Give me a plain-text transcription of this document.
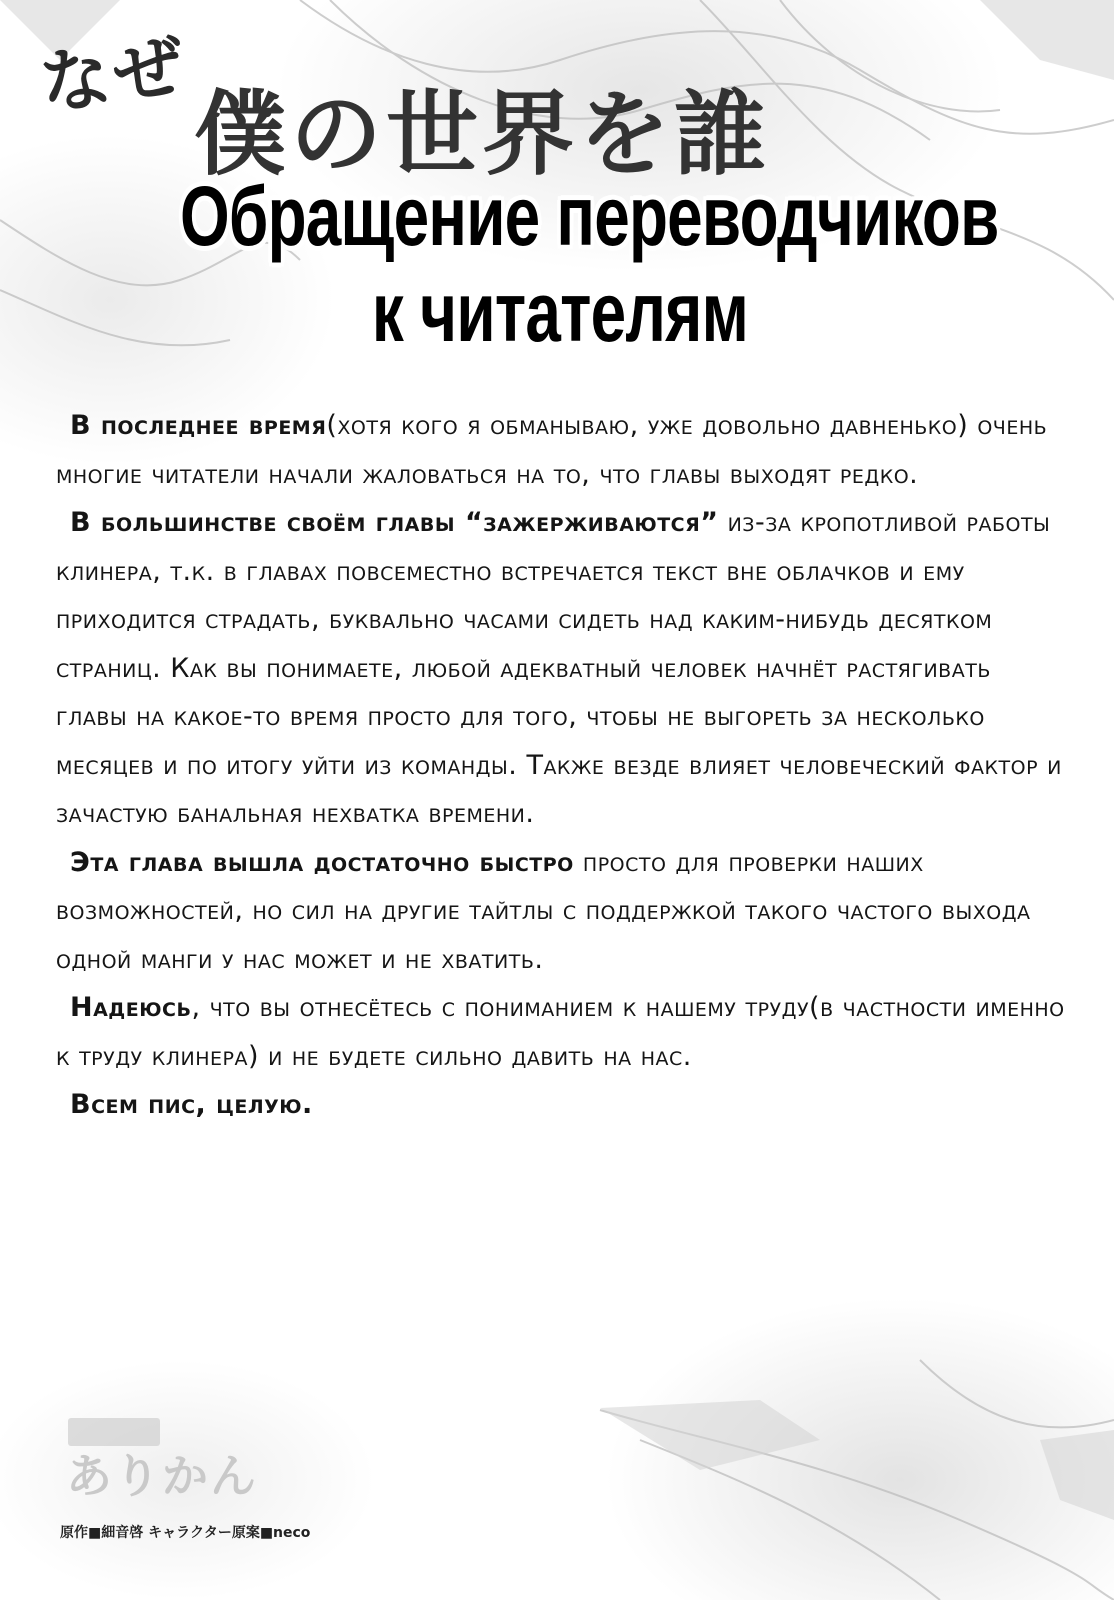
なぜ僕の世界を誰
Обращение переводчиков
к читателям

В последнее время(хотя кого я обманываю, уже довольно давненько) очень многие читатели начали жаловаться на то, что главы выходят редко.

В большинстве своём главы “зажерживаются” из-за кропотливой работы клинера, т.к. в главах повсеместно встречается текст вне облачков и ему приходится страдать, буквально часами сидеть над каким-нибудь десятком страниц. Как вы понимаете, любой адекватный человек начнёт растягивать главы на какое-то время просто для того, чтобы не выгореть за несколько месяцев и по итогу уйти из команды. Также везде влияет человеческий фактор и зачастую банальная нехватка времени.

Эта глава вышла достаточно быстро просто для проверки наших возможностей, но сил на другие тайтлы с поддержкой такого частого выхода одной манги у нас может и не хватить.

Надеюсь, что вы отнесётесь с пониманием к нашему труду(в частности именно к труду клинера) и не будете сильно давить на нас.

Всем пис, целую.

ありかん
原作■細音啓 キャラクター原案■neco
